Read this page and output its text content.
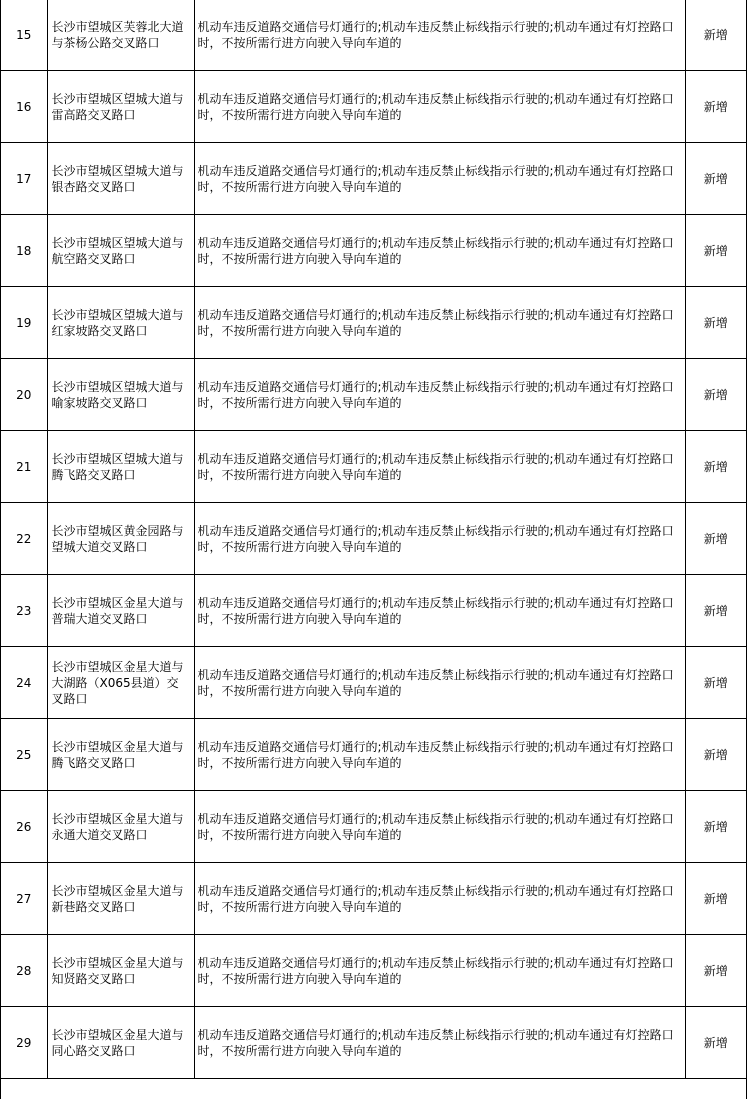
15	长沙市望城区芙蓉北大道与茶杨公路交叉路口	机动车违反道路交通信号灯通行的;机动车违反禁止标线指示行驶的;机动车通过有灯控路口时，不按所需行进方向驶入导向车道的	新增
16	长沙市望城区望城大道与雷高路交叉路口	机动车违反道路交通信号灯通行的;机动车违反禁止标线指示行驶的;机动车通过有灯控路口时，不按所需行进方向驶入导向车道的	新增
17	长沙市望城区望城大道与银杏路交叉路口	机动车违反道路交通信号灯通行的;机动车违反禁止标线指示行驶的;机动车通过有灯控路口时，不按所需行进方向驶入导向车道的	新增
18	长沙市望城区望城大道与航空路交叉路口	机动车违反道路交通信号灯通行的;机动车违反禁止标线指示行驶的;机动车通过有灯控路口时，不按所需行进方向驶入导向车道的	新增
19	长沙市望城区望城大道与红家坡路交叉路口	机动车违反道路交通信号灯通行的;机动车违反禁止标线指示行驶的;机动车通过有灯控路口时，不按所需行进方向驶入导向车道的	新增
20	长沙市望城区望城大道与喻家坡路交叉路口	机动车违反道路交通信号灯通行的;机动车违反禁止标线指示行驶的;机动车通过有灯控路口时，不按所需行进方向驶入导向车道的	新增
21	长沙市望城区望城大道与腾飞路交叉路口	机动车违反道路交通信号灯通行的;机动车违反禁止标线指示行驶的;机动车通过有灯控路口时，不按所需行进方向驶入导向车道的	新增
22	长沙市望城区黄金园路与望城大道交叉路口	机动车违反道路交通信号灯通行的;机动车违反禁止标线指示行驶的;机动车通过有灯控路口时，不按所需行进方向驶入导向车道的	新增
23	长沙市望城区金星大道与普瑞大道交叉路口	机动车违反道路交通信号灯通行的;机动车违反禁止标线指示行驶的;机动车通过有灯控路口时，不按所需行进方向驶入导向车道的	新增
24	长沙市望城区金星大道与大湖路（X065县道）交叉路口	机动车违反道路交通信号灯通行的;机动车违反禁止标线指示行驶的;机动车通过有灯控路口时，不按所需行进方向驶入导向车道的	新增
25	长沙市望城区金星大道与腾飞路交叉路口	机动车违反道路交通信号灯通行的;机动车违反禁止标线指示行驶的;机动车通过有灯控路口时，不按所需行进方向驶入导向车道的	新增
26	长沙市望城区金星大道与永通大道交叉路口	机动车违反道路交通信号灯通行的;机动车违反禁止标线指示行驶的;机动车通过有灯控路口时，不按所需行进方向驶入导向车道的	新增
27	长沙市望城区金星大道与新巷路交叉路口	机动车违反道路交通信号灯通行的;机动车违反禁止标线指示行驶的;机动车通过有灯控路口时，不按所需行进方向驶入导向车道的	新增
28	长沙市望城区金星大道与知贤路交叉路口	机动车违反道路交通信号灯通行的;机动车违反禁止标线指示行驶的;机动车通过有灯控路口时，不按所需行进方向驶入导向车道的	新增
29	长沙市望城区金星大道与同心路交叉路口	机动车违反道路交通信号灯通行的;机动车违反禁止标线指示行驶的;机动车通过有灯控路口时，不按所需行进方向驶入导向车道的	新增
